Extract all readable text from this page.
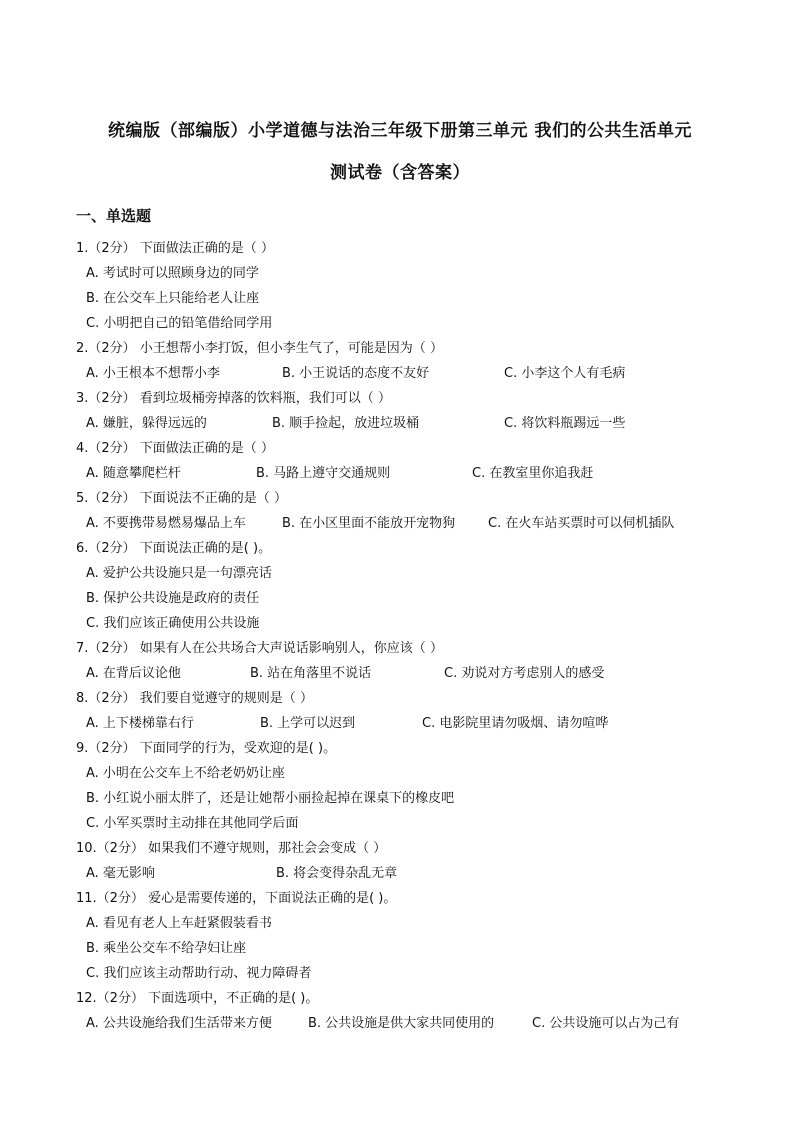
统编版（部编版）小学道德与法治三年级下册第三单元 我们的公共生活单元
测试卷（含答案）
一、单选题
1.（2分） 下面做法正确的是（ ）
A. 考试时可以照顾身边的同学
B. 在公交车上只能给老人让座
C. 小明把自己的铅笔借给同学用
2.（2分） 小王想帮小李打饭，但小李生气了，可能是因为（ ）
A. 小王根本不想帮小李	B. 小王说话的态度不友好	C. 小李这个人有毛病
3.（2分） 看到垃圾桶旁掉落的饮料瓶，我们可以（ ）
A. 嫌脏，躲得远远的	B. 顺手捡起，放进垃圾桶	C. 将饮料瓶踢远一些
4.（2分） 下面做法正确的是（ ）
A. 随意攀爬栏杆	B. 马路上遵守交通规则	C. 在教室里你追我赶
5.（2分） 下面说法不正确的是（ ）
A. 不要携带易燃易爆品上车	B. 在小区里面不能放开宠物狗	C. 在火车站买票时可以伺机插队
6.（2分） 下面说法正确的是( )。
A. 爱护公共设施只是一句漂亮话
B. 保护公共设施是政府的责任
C. 我们应该正确使用公共设施
7.（2分） 如果有人在公共场合大声说话影响别人，你应该（ ）
A. 在背后议论他	B. 站在角落里不说话	C. 劝说对方考虑别人的感受
8.（2分） 我们要自觉遵守的规则是（ ）
A. 上下楼梯靠右行	B. 上学可以迟到	C. 电影院里请勿吸烟、请勿喧哗
9.（2分） 下面同学的行为，受欢迎的是( )。
A. 小明在公交车上不给老奶奶让座
B. 小红说小丽太胖了，还是让她帮小丽捡起掉在课桌下的橡皮吧
C. 小军买票时主动排在其他同学后面
10.（2分） 如果我们不遵守规则，那社会会变成（ ）
A. 毫无影响	B. 将会变得杂乱无章
11.（2分） 爱心是需要传递的，下面说法正确的是( )。
A. 看见有老人上车赶紧假装看书
B. 乘坐公交车不给孕妇让座
C. 我们应该主动帮助行动、视力障碍者
12.（2分） 下面选项中，不正确的是( )。
A. 公共设施给我们生活带来方便	B. 公共设施是供大家共同使用的	C. 公共设施可以占为己有
